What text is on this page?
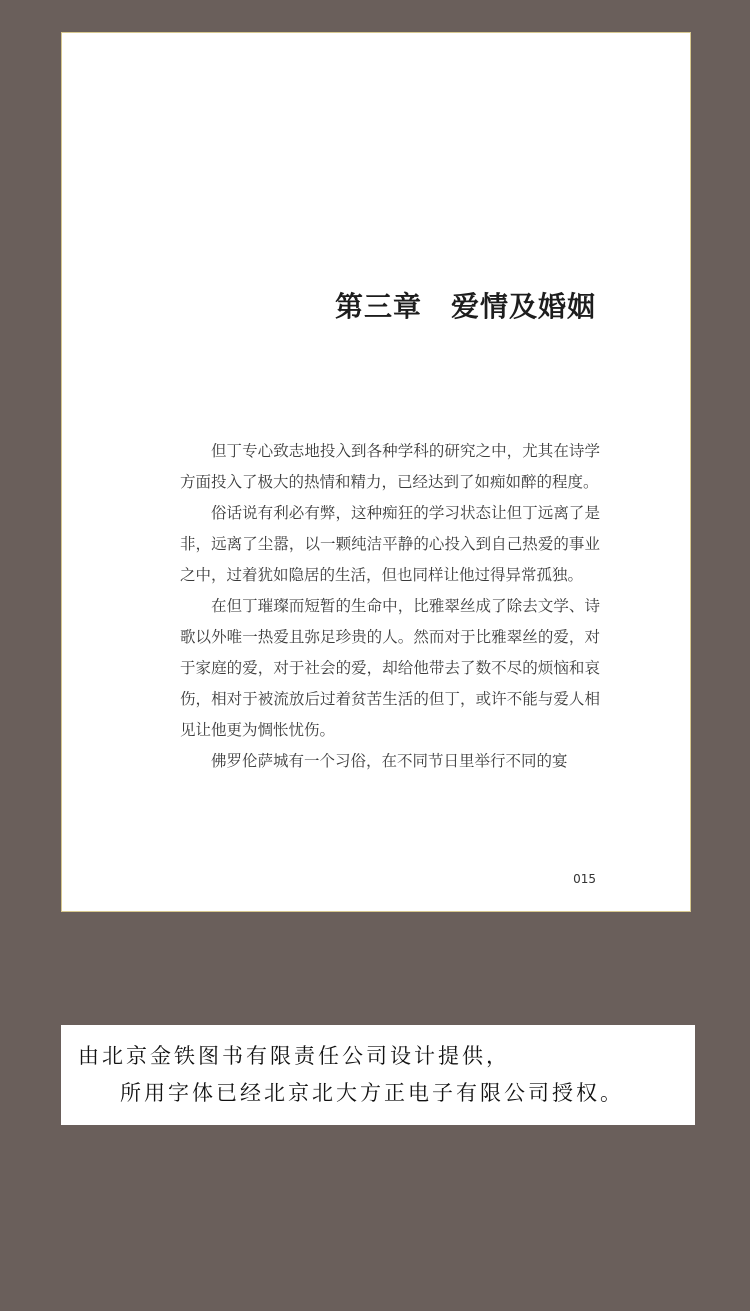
第三章　爱情及婚姻

但丁专心致志地投入到各种学科的研究之中，尤其在诗学方面投入了极大的热情和精力，已经达到了如痴如醉的程度。

俗话说有利必有弊，这种痴狂的学习状态让但丁远离了是非，远离了尘嚣，以一颗纯洁平静的心投入到自己热爱的事业之中，过着犹如隐居的生活，但也同样让他过得异常孤独。

在但丁璀璨而短暂的生命中，比雅翠丝成了除去文学、诗歌以外唯一热爱且弥足珍贵的人。然而对于比雅翠丝的爱，对于家庭的爱，对于社会的爱，却给他带去了数不尽的烦恼和哀伤，相对于被流放后过着贫苦生活的但丁，或许不能与爱人相见让他更为惆怅忧伤。

佛罗伦萨城有一个习俗，在不同节日里举行不同的宴

015
由北京金铁图书有限责任公司设计提供，
所用字体已经北京北大方正电子有限公司授权。
